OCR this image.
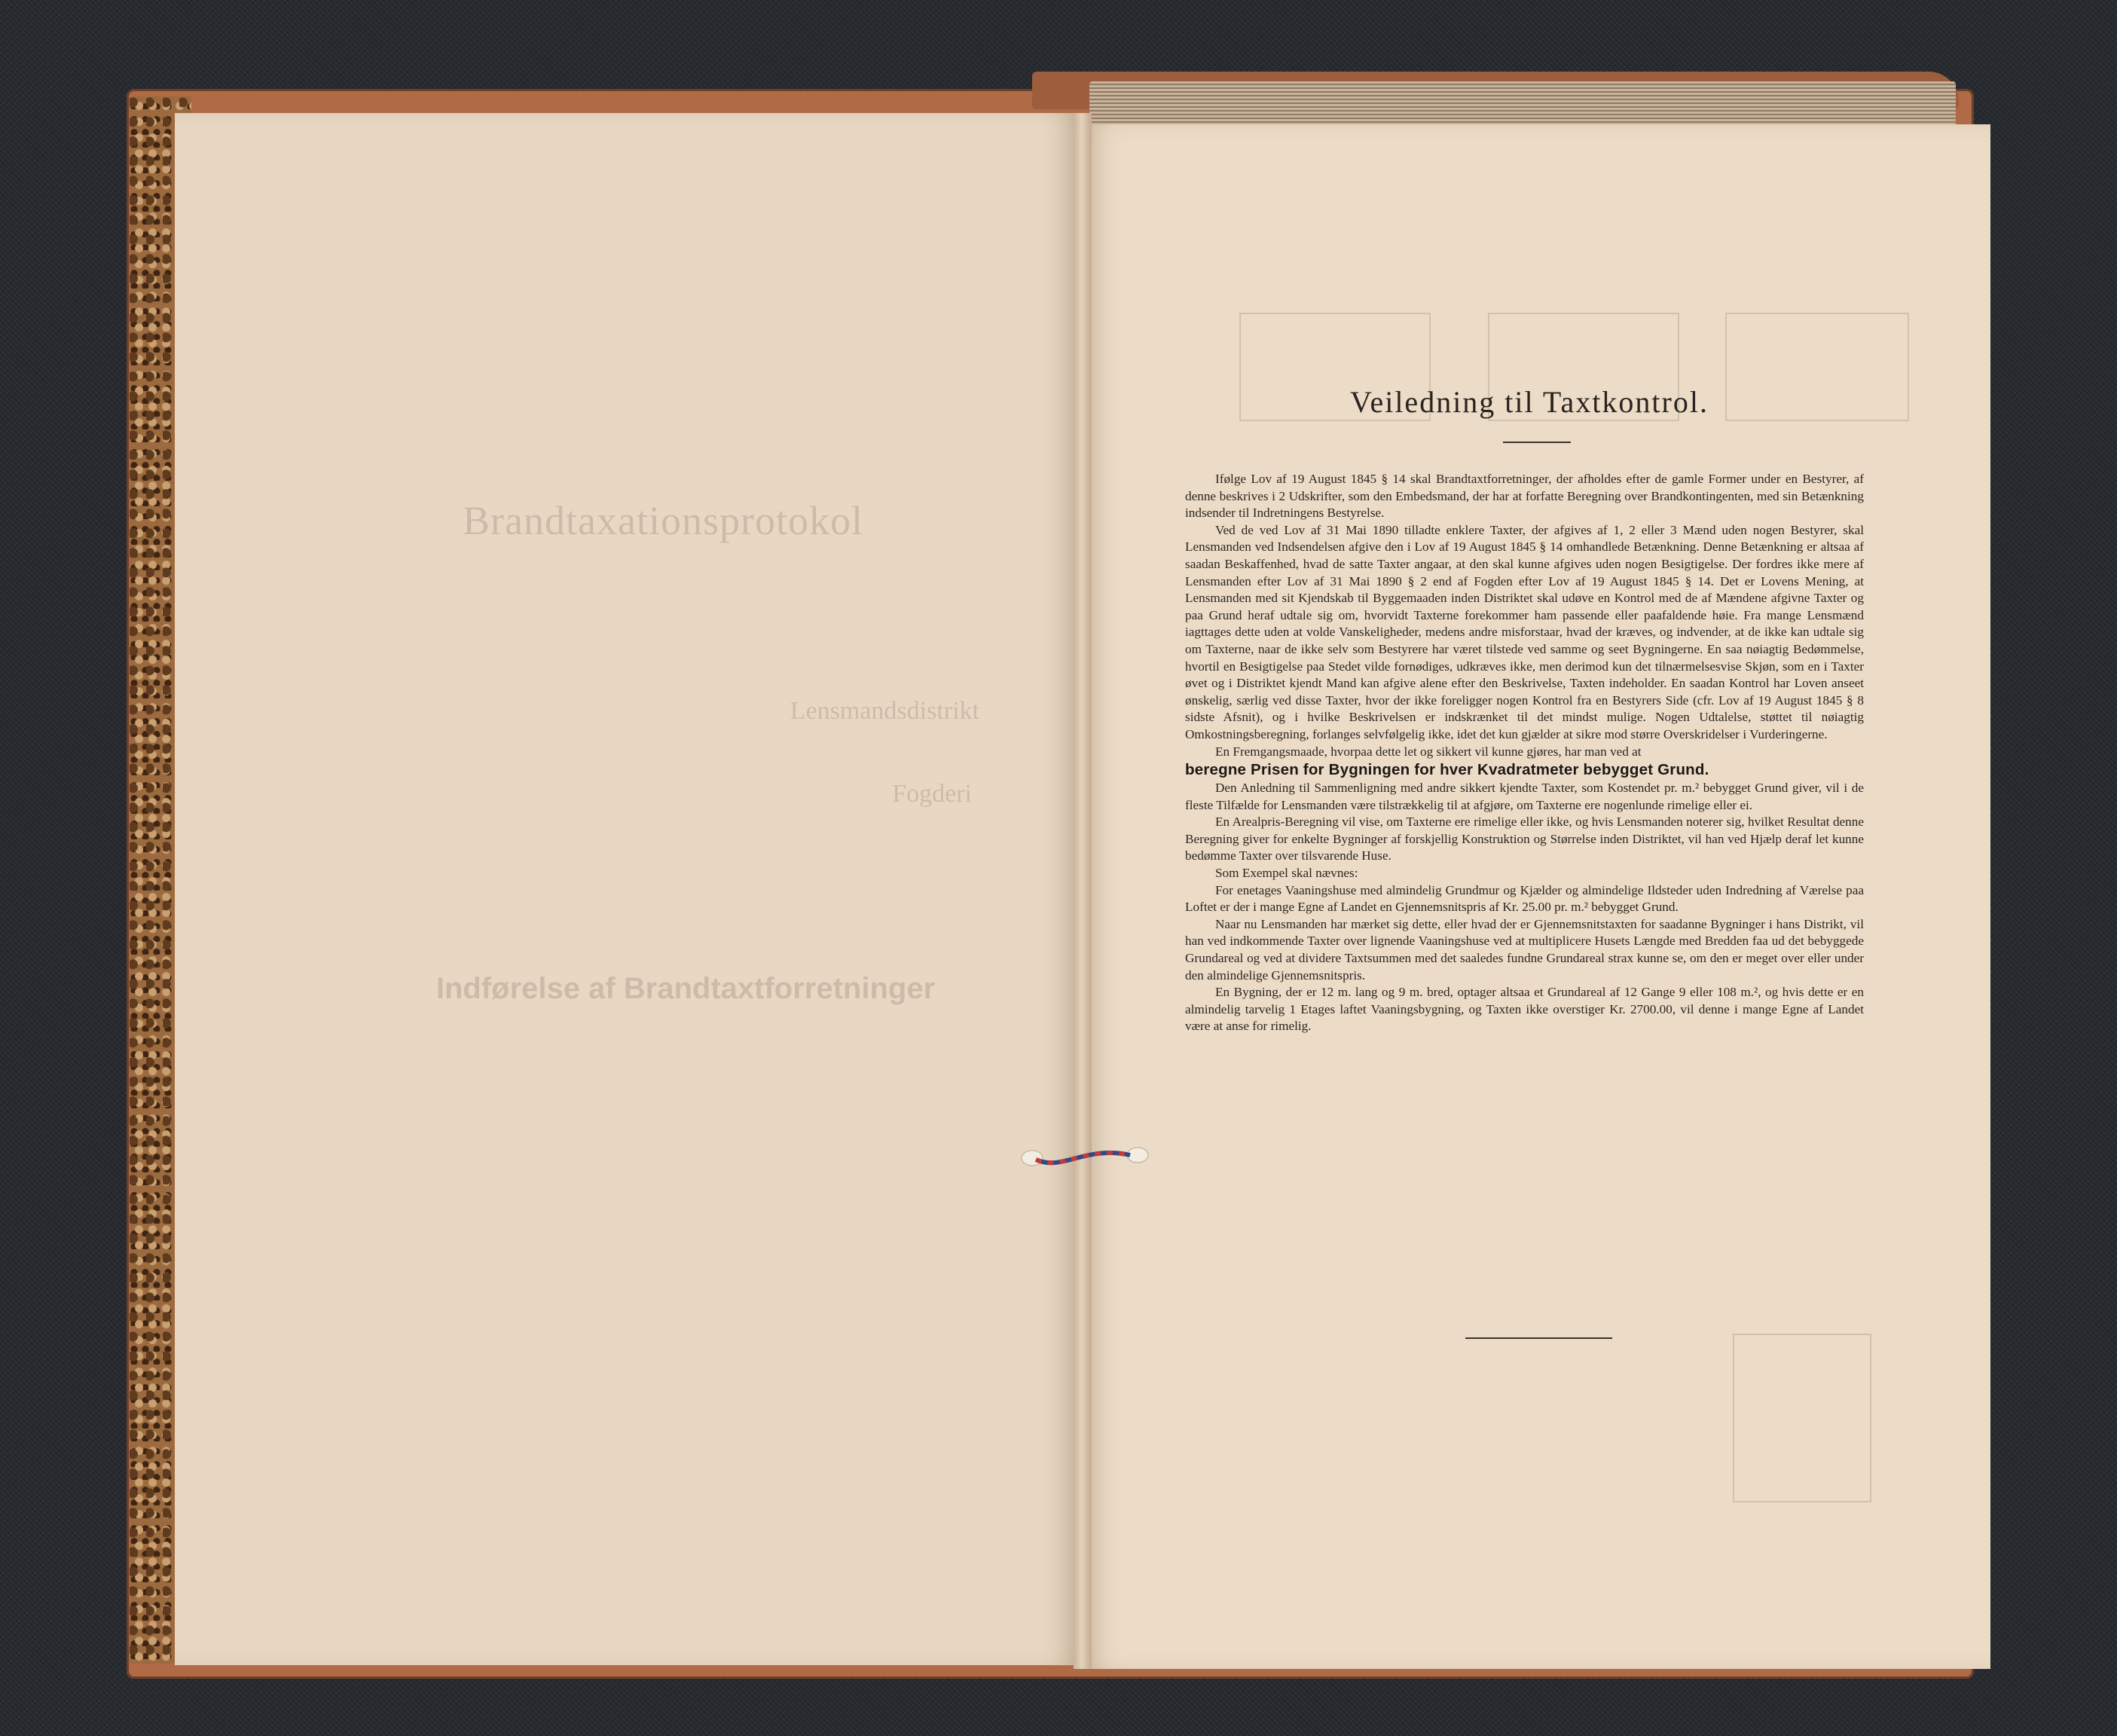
Brandtaxationsprotokol
Lensmandsdistrikt
Fogderi
Indførelse af Brandtaxtforretninger
Veiledning til Taxtkontrol.

Ifølge Lov af 19 August 1845 § 14 skal Brandtaxtforretninger, der afholdes efter de gamle Former under en Bestyrer, af denne beskrives i 2 Udskrifter, som den Embedsmand, der har at forfatte Beregning over Brandkontingenten, med sin Betænkning indsender til Indretningens Bestyrelse.

Ved de ved Lov af 31 Mai 1890 tilladte enklere Taxter, der afgives af 1, 2 eller 3 Mænd uden nogen Bestyrer, skal Lensmanden ved Indsendelsen afgive den i Lov af 19 August 1845 § 14 omhandlede Betænkning. Denne Betænkning er altsaa af saadan Beskaffenhed, hvad de satte Taxter angaar, at den skal kunne afgives uden nogen Besigtigelse. Der fordres ikke mere af Lensmanden efter Lov af 31 Mai 1890 § 2 end af Fogden efter Lov af 19 August 1845 § 14. Det er Lovens Mening, at Lensmanden med sit Kjendskab til Byggemaaden inden Distriktet skal udøve en Kontrol med de af Mændene afgivne Taxter og paa Grund heraf udtale sig om, hvorvidt Taxterne forekommer ham passende eller paafaldende høie. Fra mange Lensmænd iagttages dette uden at volde Vanskeligheder, medens andre misforstaar, hvad der kræves, og indvender, at de ikke kan udtale sig om Taxterne, naar de ikke selv som Bestyrere har været tilstede ved samme og seet Bygningerne. En saa nøiagtig Bedømmelse, hvortil en Besigtigelse paa Stedet vilde fornødiges, udkræves ikke, men derimod kun det tilnærmelsesvise Skjøn, som en i Taxter øvet og i Distriktet kjendt Mand kan afgive alene efter den Beskrivelse, Taxten indeholder. En saadan Kontrol har Loven anseet ønskelig, særlig ved disse Taxter, hvor der ikke foreligger nogen Kontrol fra en Bestyrers Side (cfr. Lov af 19 August 1845 § 8 sidste Afsnit), og i hvilke Beskrivelsen er indskrænket til det mindst mulige. Nogen Udtalelse, støttet til nøiagtig Omkostningsberegning, forlanges selvfølgelig ikke, idet det kun gjælder at sikre mod større Overskridelser i Vurderingerne.

En Fremgangsmaade, hvorpaa dette let og sikkert vil kunne gjøres, har man ved at

beregne Prisen for Bygningen for hver Kvadratmeter bebygget Grund.

Den Anledning til Sammenligning med andre sikkert kjendte Taxter, som Kostendet pr. m.² bebygget Grund giver, vil i de fleste Tilfælde for Lensmanden være tilstrækkelig til at afgjøre, om Taxterne ere nogenlunde rimelige eller ei.

En Arealpris-Beregning vil vise, om Taxterne ere rimelige eller ikke, og hvis Lensmanden noterer sig, hvilket Resultat denne Beregning giver for enkelte Bygninger af forskjellig Konstruktion og Størrelse inden Distriktet, vil han ved Hjælp deraf let kunne bedømme Taxter over tilsvarende Huse.

Som Exempel skal nævnes:

For enetages Vaaningshuse med almindelig Grundmur og Kjælder og almindelige Ildsteder uden Indredning af Værelse paa Loftet er der i mange Egne af Landet en Gjennemsnitspris af Kr. 25.00 pr. m.² bebygget Grund.

Naar nu Lensmanden har mærket sig dette, eller hvad der er Gjennemsnitstaxten for saadanne Bygninger i hans Distrikt, vil han ved indkommende Taxter over lignende Vaaningshuse ved at multiplicere Husets Længde med Bredden faa ud det bebyggede Grundareal og ved at dividere Taxtsummen med det saaledes fundne Grundareal strax kunne se, om den er meget over eller under den almindelige Gjennemsnitspris.

En Bygning, der er 12 m. lang og 9 m. bred, optager altsaa et Grundareal af 12 Gange 9 eller 108 m.², og hvis dette er en almindelig tarvelig 1 Etages laftet Vaaningsbygning, og Taxten ikke overstiger Kr. 2700.00, vil denne i mange Egne af Landet være at anse for rimelig.
